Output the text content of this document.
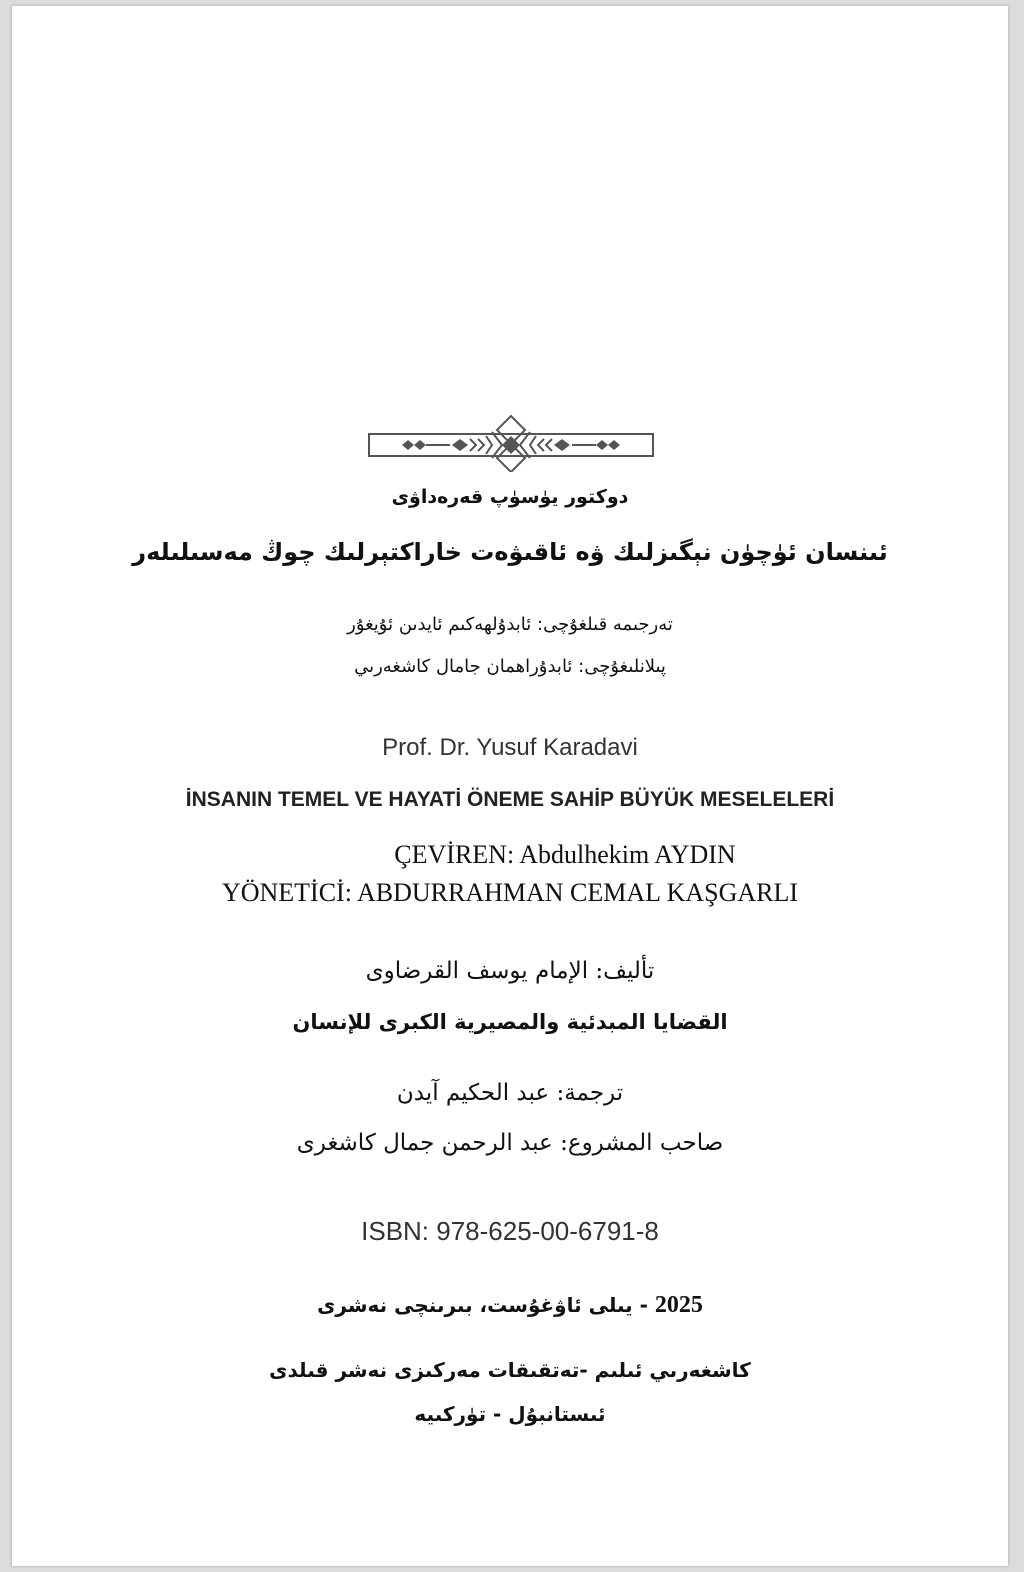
دوكتور يۈسۈپ قەرەداۋى
ئىنسان ئۈچۈن نېگىزلىك ۋە ئاقىۋەت خاراكتېرلىك چوڭ مەسىلىلەر
تەرجىمە قىلغۇچى: ئابدۇلھەكىم ئايدىن ئۇيغۇر
پىلانلىغۇچى: ئابدۇراھمان جامال كاشغەرىي
Prof. Dr. Yusuf Karadavi
İNSANIN TEMEL VE HAYATİ ÖNEME SAHİP BÜYÜK MESELELERİ
ÇEVİREN: Abdulhekim AYDIN
YÖNETİCİ: ABDURRAHMAN CEMAL KAŞGARLI
تأليف: الإمام يوسف القرضاوى
القضايا المبدئية والمصيرية الكبرى للإنسان
ترجمة: عبد الحكيم آيدن
صاحب المشروع: عبد الرحمن جمال كاشغرى
ISBN: 978-625-00-6791-8
2025 - يىلى ئاۋغۇست، بىرىنچى نەشرى
كاشغەرىي ئىلىم -تەتقىقات مەركىزى نەشر قىلدى
ئىستانبۇل - تۈركىيە
